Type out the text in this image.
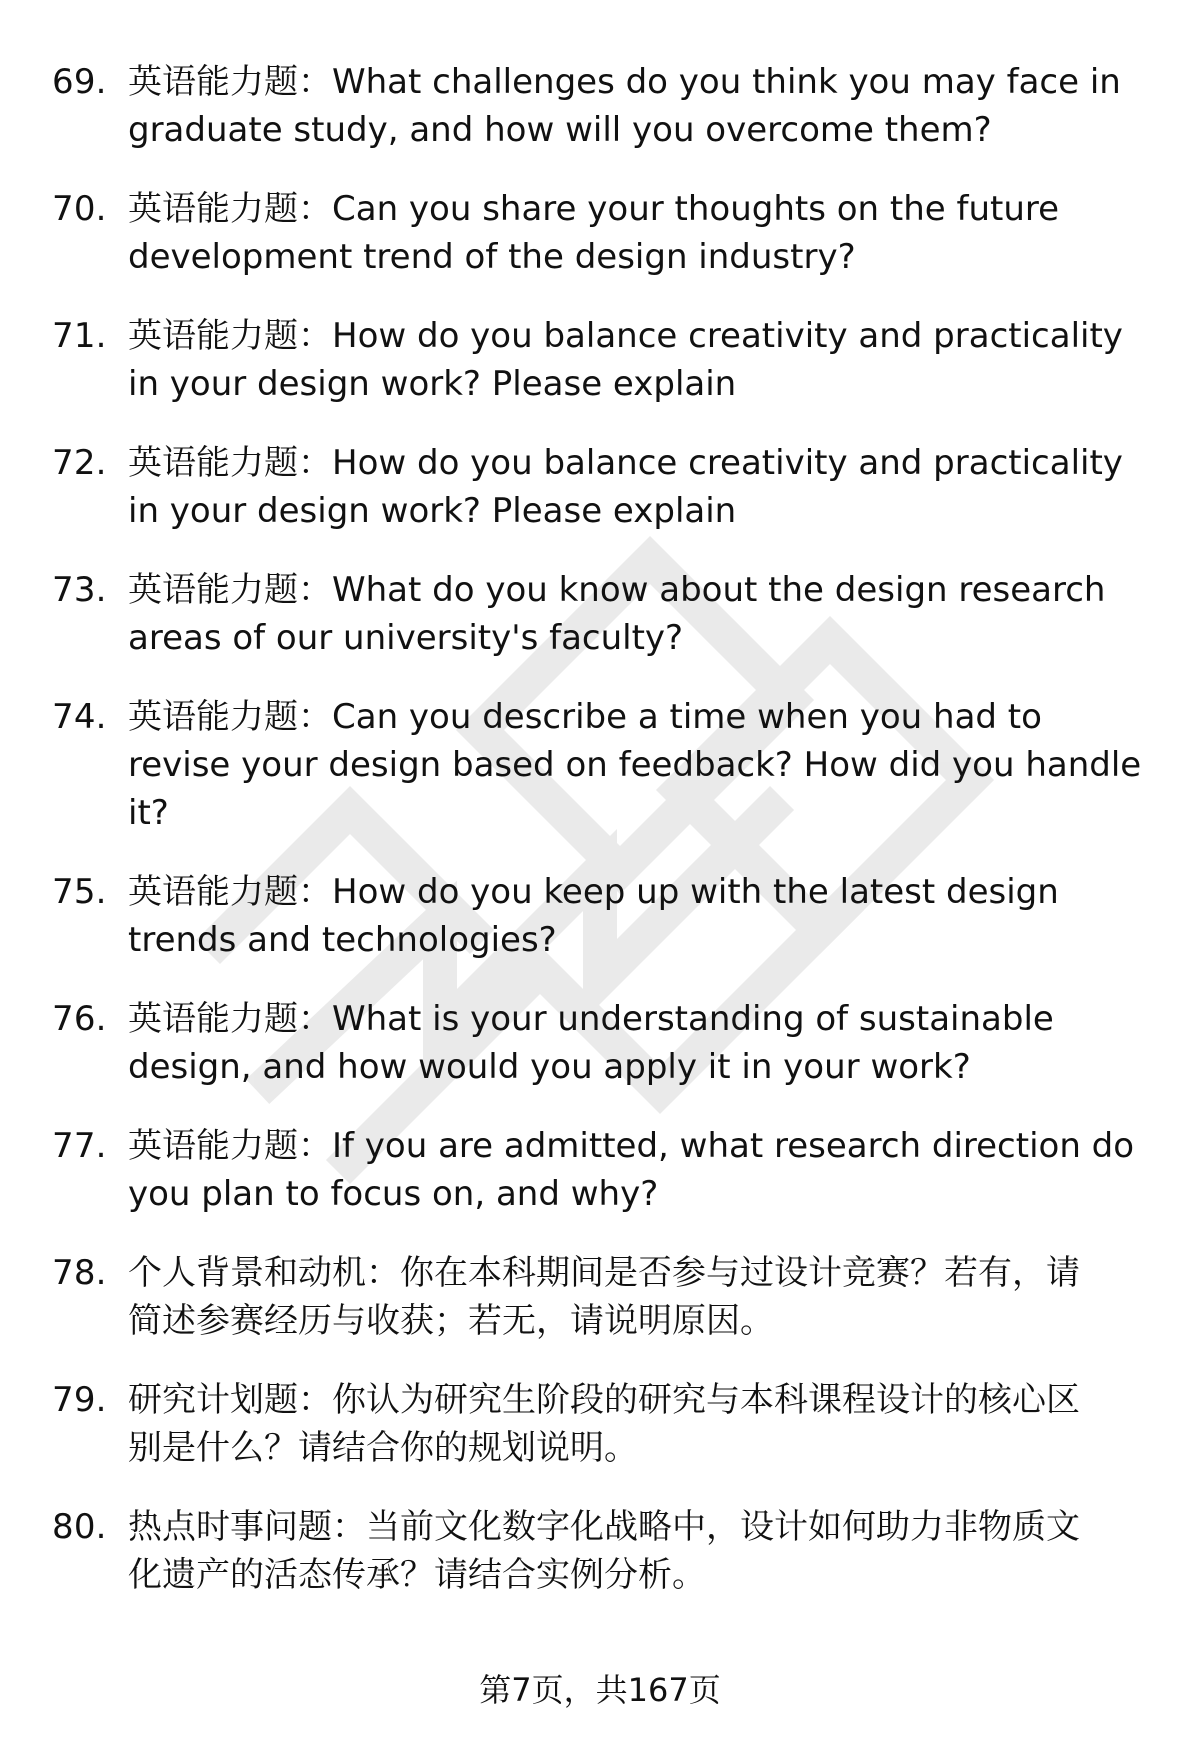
69. 英语能力题：What challenges do you think you may face in
graduate study, and how will you overcome them?
70. 英语能力题：Can you share your thoughts on the future
development trend of the design industry?
71. 英语能力题：How do you balance creativity and practicality
in your design work? Please explain
72. 英语能力题：How do you balance creativity and practicality
in your design work? Please explain
73. 英语能力题：What do you know about the design research
areas of our university's faculty?
74. 英语能力题：Can you describe a time when you had to
revise your design based on feedback? How did you handle
it?
75. 英语能力题：How do you keep up with the latest design
trends and technologies?
76. 英语能力题：What is your understanding of sustainable
design, and how would you apply it in your work?
77. 英语能力题：If you are admitted, what research direction do
you plan to focus on, and why?
78. 个人背景和动机：你在本科期间是否参与过设计竞赛？若有，请
简述参赛经历与收获；若无，请说明原因。
79. 研究计划题：你认为研究生阶段的研究与本科课程设计的核心区
别是什么？请结合你的规划说明。
80. 热点时事问题：当前文化数字化战略中，设计如何助力非物质文
化遗产的活态传承？请结合实例分析。
第7页，共167页
